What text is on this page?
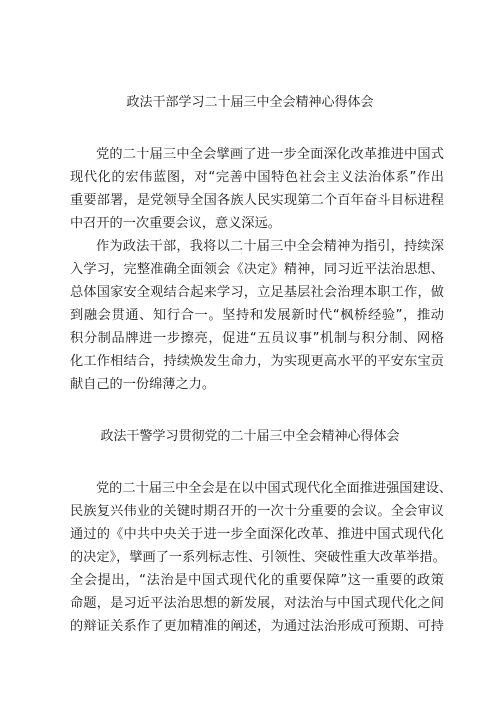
政法干部学习二十届三中全会精神心得体会
党的二十届三中全会擘画了进一步全面深化改革推进中国式
现代化的宏伟蓝图，对“完善中国特色社会主义法治体系”作出
重要部署，是党领导全国各族人民实现第二个百年奋斗目标进程
中召开的一次重要会议，意义深远。
作为政法干部，我将以二十届三中全会精神为指引，持续深
入学习，完整准确全面领会《决定》精神，同习近平法治思想、
总体国家安全观结合起来学习，立足基层社会治理本职工作，做
到融会贯通、知行合一。坚持和发展新时代“枫桥经验”，推动
积分制品牌进一步擦亮，促进“五员议事”机制与积分制、网格
化工作相结合，持续焕发生命力，为实现更高水平的平安东宝贡
献自己的一份绵薄之力。
政法干警学习贯彻党的二十届三中全会精神心得体会
党的二十届三中全会是在以中国式现代化全面推进强国建设、
民族复兴伟业的关键时期召开的一次十分重要的会议。全会审议
通过的《中共中央关于进一步全面深化改革、推进中国式现代化
的决定》，擘画了一系列标志性、引领性、突破性重大改革举措。
全会提出，“法治是中国式现代化的重要保障”这一重要的政策
命题，是习近平法治思想的新发展，对法治与中国式现代化之间
的辩证关系作了更加精准的阐述，为通过法治形成可预期、可持
